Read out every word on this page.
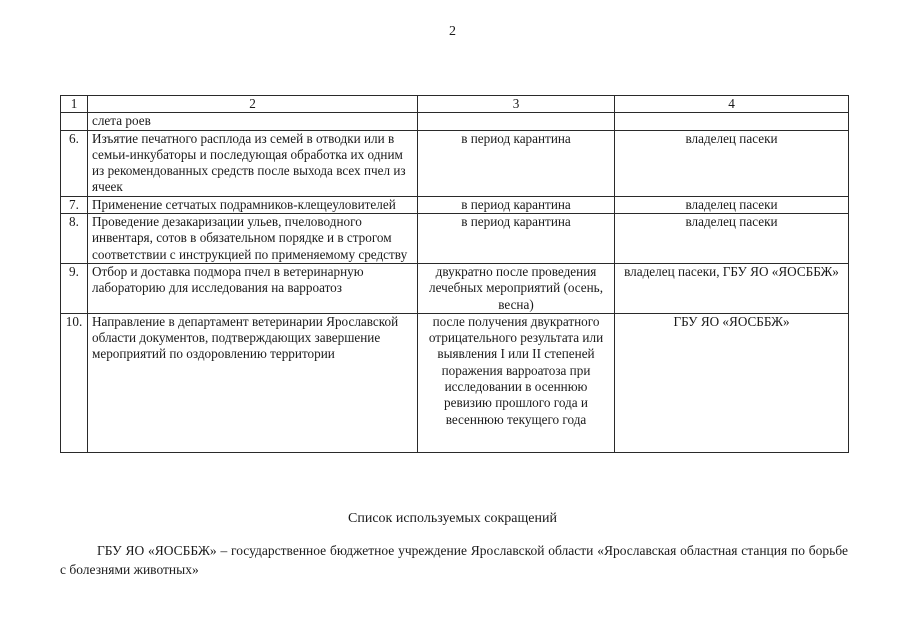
2
1	2	3	4
	слета роев		
6.	Изъятие печатного расплода из семей в отводки или в семьи-инкубаторы и последующая обработка их одним из рекомендованных средств после выхода всех пчел из ячеек	в период карантина	владелец пасеки
7.	Применение сетчатых подрамников-клещеуловителей	в период карантина	владелец пасеки
8.	Проведение дезакаризации ульев, пчеловодного инвентаря, сотов в обязательном порядке и в строгом соответствии с инструкцией по применяемому средству	в период карантина	владелец пасеки
9.	Отбор и доставка подмора пчел в ветеринарную лабораторию для исследования на варроатоз	двукратно после проведения лечебных мероприятий (осень, весна)	владелец пасеки, ГБУ ЯО «ЯОСББЖ»
10.	Направление в департамент ветеринарии Ярославской области документов, подтверждающих завершение мероприятий по оздоровлению территории	после получения двукратного отрицательного результата или выявления I или II степеней поражения варроатоза при исследовании в осеннюю ревизию прошлого года и весеннюю текущего года	ГБУ ЯО «ЯОСББЖ»
Список используемых сокращений
ГБУ ЯО «ЯОСББЖ» – государственное бюджетное учреждение Ярославской области «Ярославская областная станция по борьбе с болезнями животных»
